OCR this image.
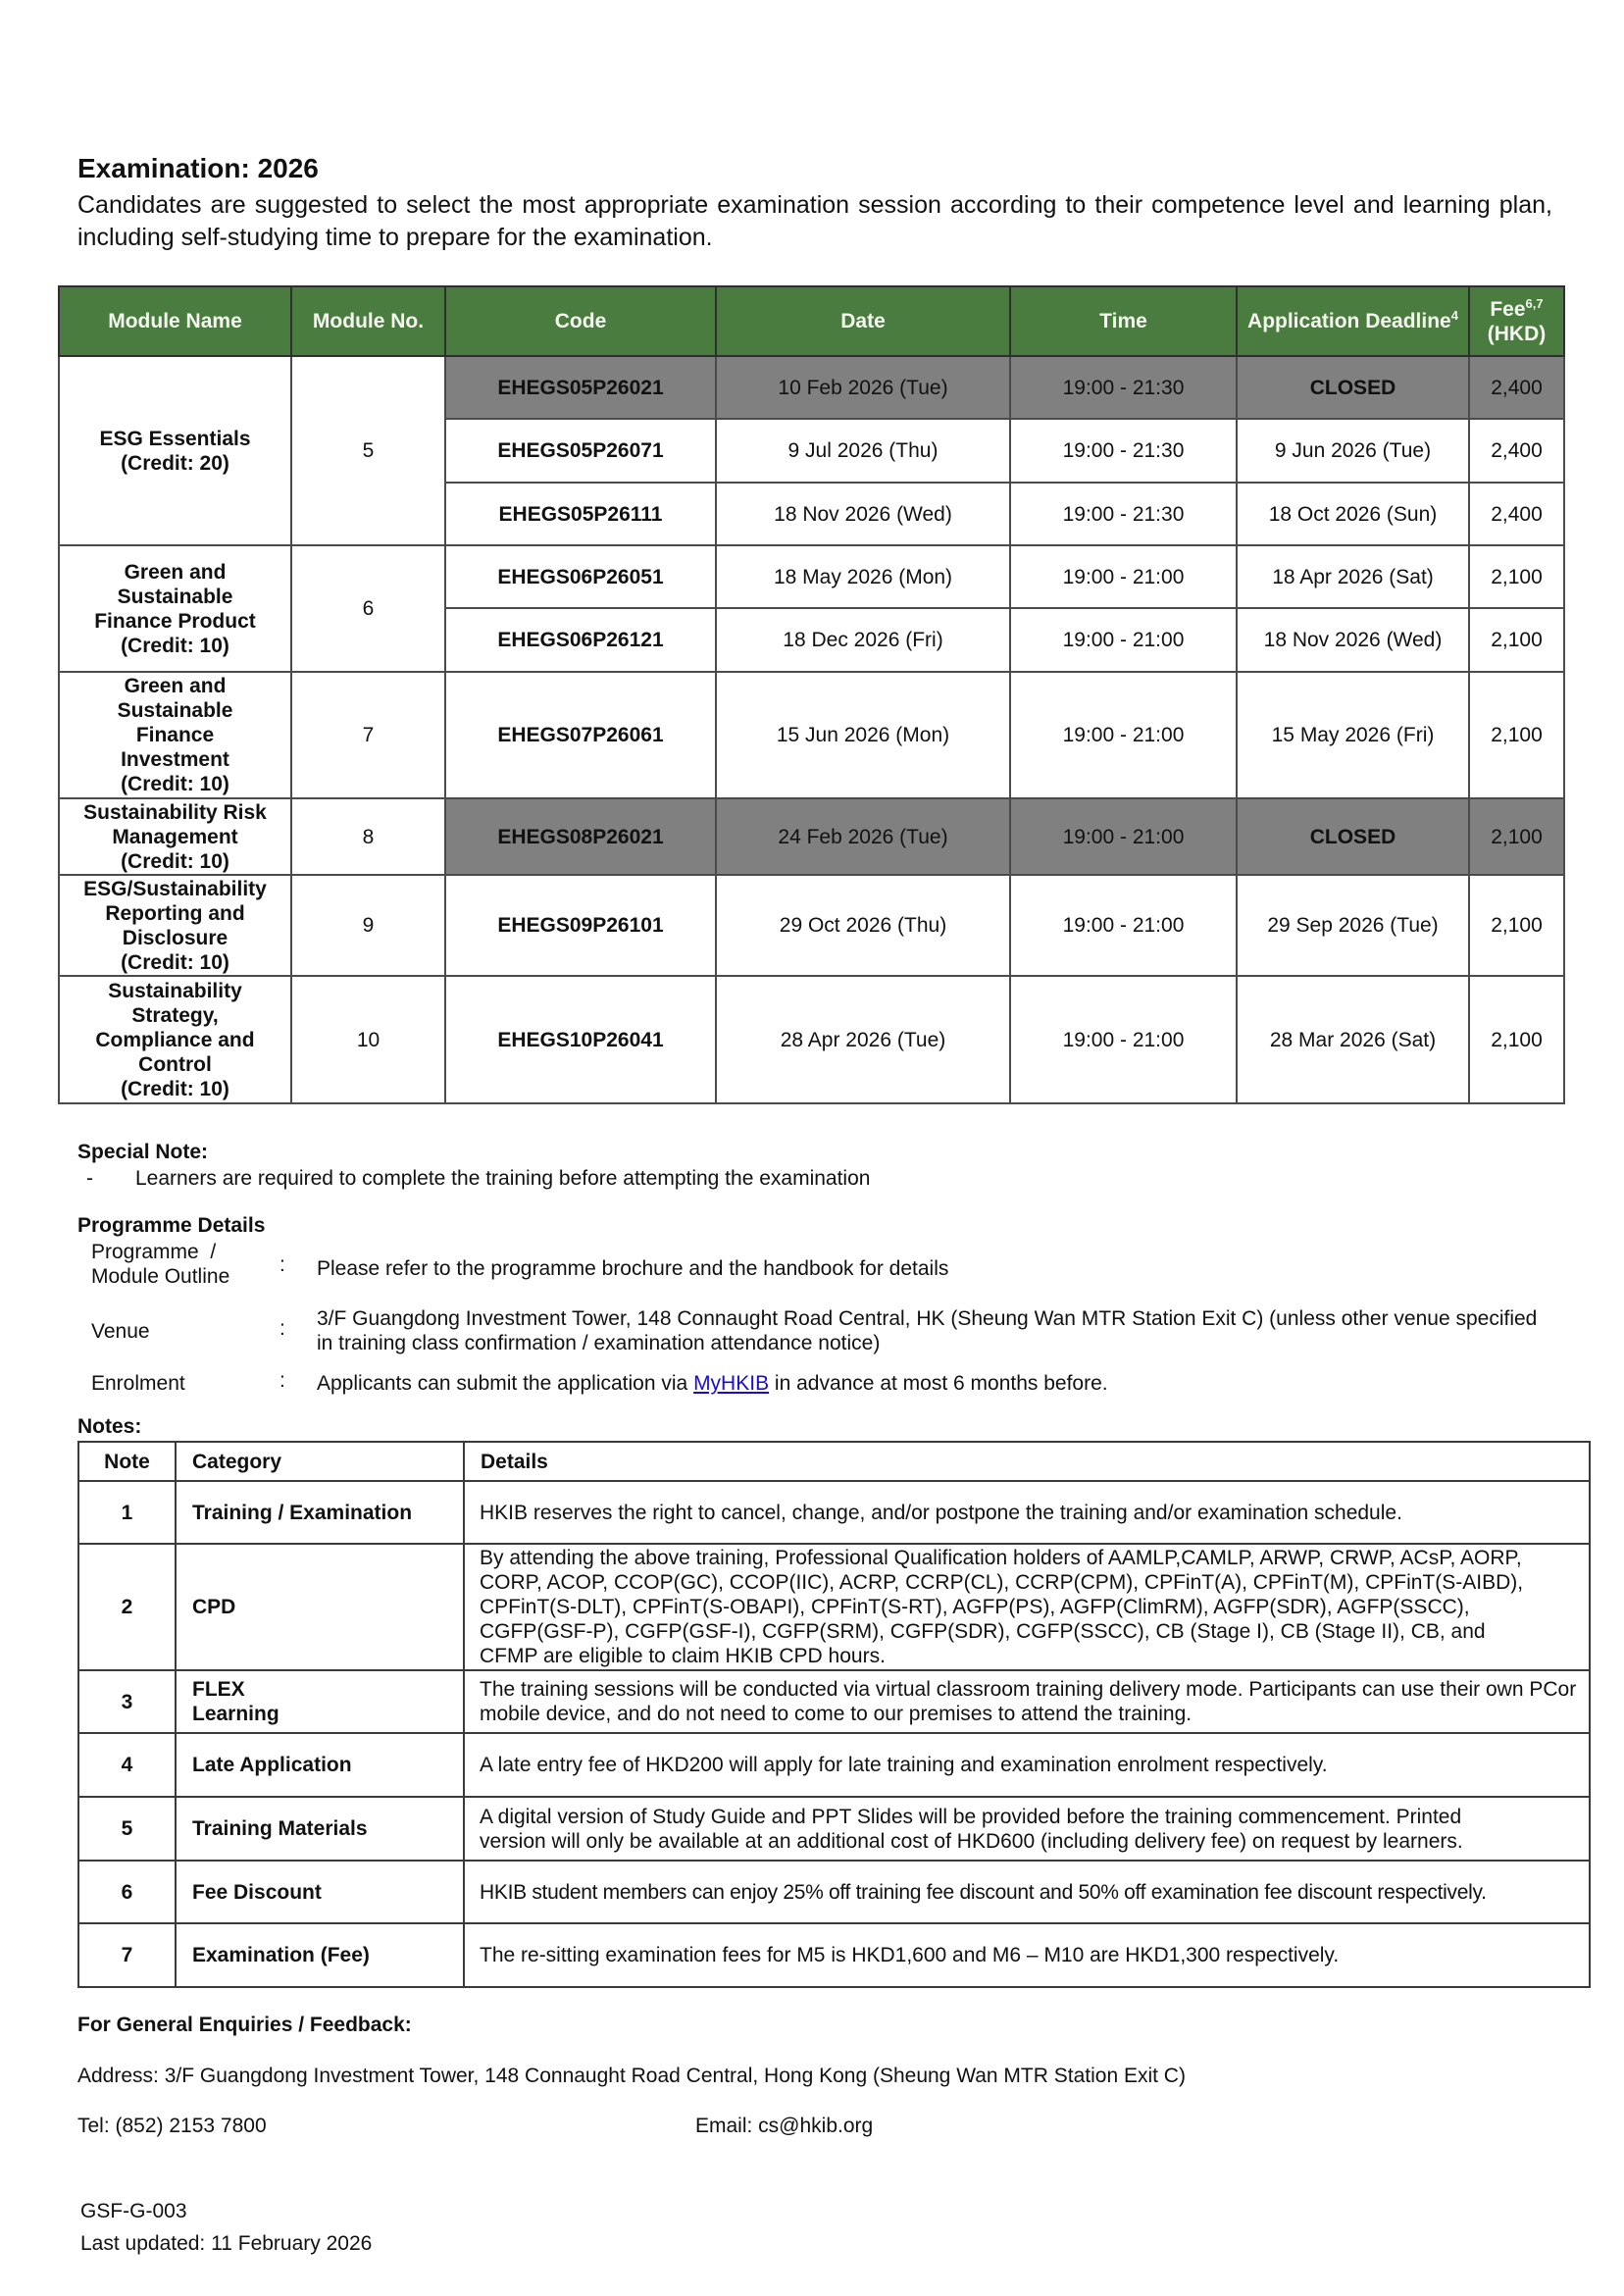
Examination: 2026
Candidates are suggested to select the most appropriate examination session according to their competence level and learning plan, including self-studying time to prepare for the examination.
Module Name	Module No.	Code	Date	Time	Application Deadline$^4$	Fee$^{6,7}$
(HKD)
ESG Essentials
(Credit: 20)	5	EHEGS05P26021	10 Feb 2026 (Tue)	19:00 - 21:30	CLOSED	2,400
		EHEGS05P26071	9 Jul 2026 (Thu)	19:00 - 21:30	9 Jun 2026 (Tue)	2,400
		EHEGS05P26111	18 Nov 2026 (Wed)	19:00 - 21:30	18 Oct 2026 (Sun)	2,400
Green and Sustainable Finance Product
(Credit: 10)	6	EHEGS06P26051	18 May 2026 (Mon)	19:00 - 21:00	18 Apr 2026 (Sat)	2,100
		EHEGS06P26121	18 Dec 2026 (Fri)	19:00 - 21:00	18 Nov 2026 (Wed)	2,100
Green and Sustainable Finance Investment
(Credit: 10)	7	EHEGS07P26061	15 Jun 2026 (Mon)	19:00 - 21:00	15 May 2026 (Fri)	2,100
Sustainability Risk Management
(Credit: 10)	8	EHEGS08P26021	24 Feb 2026 (Tue)	19:00 - 21:00	CLOSED	2,100
ESG/Sustainability Reporting and Disclosure
(Credit: 10)	9	EHEGS09P26101	29 Oct 2026 (Thu)	19:00 - 21:00	29 Sep 2026 (Tue)	2,100
Sustainability Strategy, Compliance and Control
(Credit: 10)	10	EHEGS10P26041	28 Apr 2026 (Tue)	19:00 - 21:00	28 Mar 2026 (Sat)	2,100
Special Note:
- Learners are required to complete the training before attempting the examination
Programme Details
Programme  /
Module Outline
: Please refer to the programme brochure and the handbook for details
Venue	: 3/F Guangdong Investment Tower, 148 Connaught Road Central, HK (Sheung Wan MTR Station Exit C) (unless other venue specified in training class confirmation / examination attendance notice)
Enrolment	: Applicants can submit the application via MyHKIB in advance at most 6 months before.
Notes:
Note	Category	Details
1	Training / Examination	HKIB reserves the right to cancel, change, and/or postpone the training and/or examination schedule.
2	CPD	By attending the above training, Professional Qualification holders of AAMLP,CAMLP, ARWP, CRWP, ACsP, AORP, CORP, ACOP, CCOP(GC), CCOP(IIC), ACRP, CCRP(CL), CCRP(CPM), CPFinT(A), CPFinT(M), CPFinT(S-AIBD), CPFinT(S-DLT), CPFinT(S-OBAPI), CPFinT(S-RT), AGFP(PS), AGFP(ClimRM), AGFP(SDR), AGFP(SSCC), CGFP(GSF-P), CGFP(GSF-I), CGFP(SRM), CGFP(SDR), CGFP(SSCC), CB (Stage I), CB (Stage II), CB, and CFMP are eligible to claim HKIB CPD hours.
3	FLEX
Learning	The training sessions will be conducted via virtual classroom training delivery mode. Participants can use their own PCor mobile device, and do not need to come to our premises to attend the training.
4	Late Application	A late entry fee of HKD200 will apply for late training and examination enrolment respectively.
5	Training Materials	A digital version of Study Guide and PPT Slides will be provided before the training commencement. Printed version will only be available at an additional cost of HKD600 (including delivery fee) on request by learners.
6	Fee Discount	HKIB student members can enjoy 25% off training fee discount and 50% off examination fee discount respectively.
7	Examination (Fee)	The re-sitting examination fees for M5 is HKD1,600 and M6 – M10 are HKD1,300 respectively.
For General Enquiries / Feedback:
Address: 3/F Guangdong Investment Tower, 148 Connaught Road Central, Hong Kong (Sheung Wan MTR Station Exit C)
Tel: (852) 2153 7800	Email: cs@hkib.org
GSF-G-003
Last updated: 11 February 2026
